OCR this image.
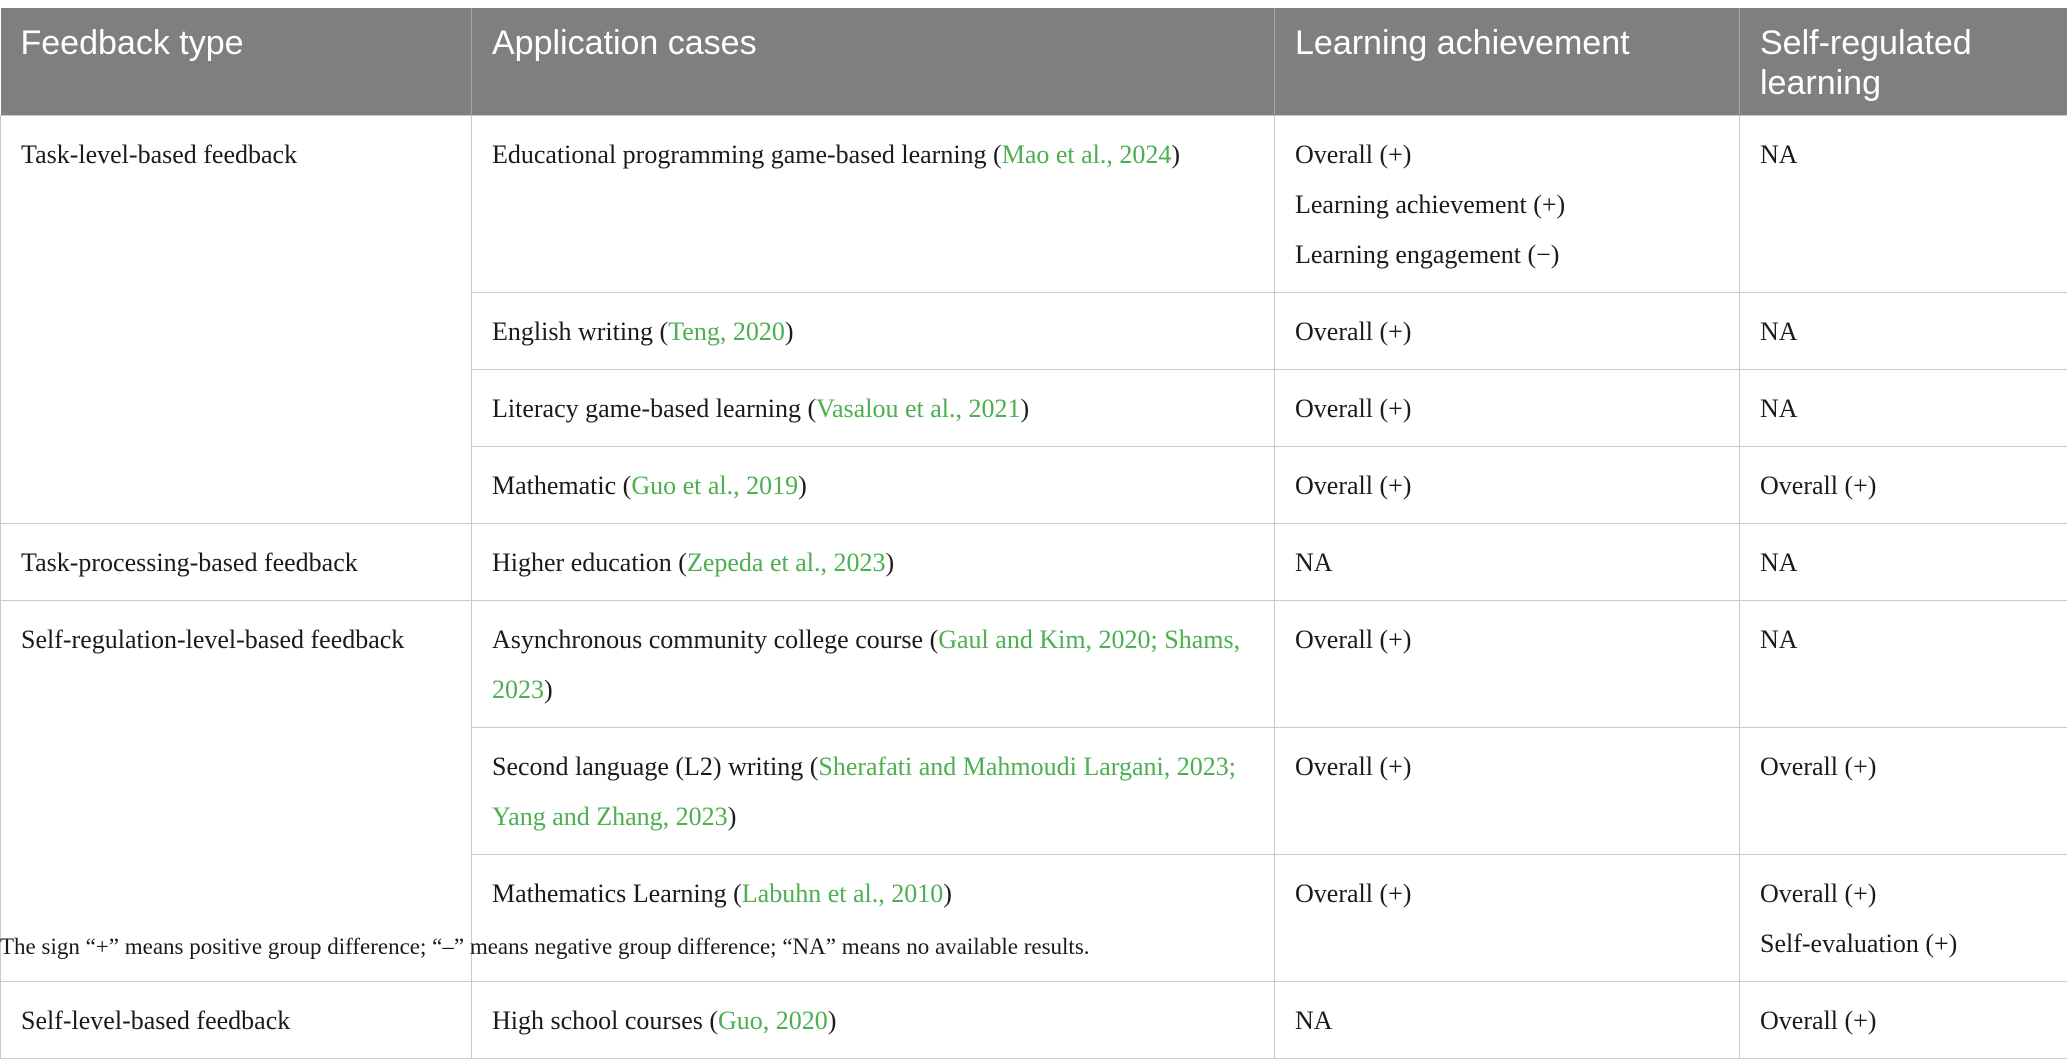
Feedback type	Application cases	Learning achievement	Self-regulated learning
Task-level-based feedback	Educational programming game-based learning (Mao et al., 2024)	Overall (+)
Learning achievement (+)
Learning engagement (−)	NA

	English writing (Teng, 2020)	Overall (+)	NA

	Literacy game-based learning (Vasalou et al., 2021)	Overall (+)	NA

	Mathematic (Guo et al., 2019)	Overall (+)	Overall (+)

Task-processing-based feedback	Higher education (Zepeda et al., 2023)	NA	NA

Self-regulation-level-based feedback	Asynchronous community college course (Gaul and Kim, 2020; Shams, 2023)	Overall (+)	NA

	Second language (L2) writing (Sherafati and Mahmoudi Largani, 2023; Yang and Zhang, 2023)	Overall (+)	Overall (+)

	Mathematics Learning (Labuhn et al., 2010)	Overall (+)	Overall (+)
Self-evaluation (+)

Self-level-based feedback	High school courses (Guo, 2020)	NA	Overall (+)
The sign “+” means positive group difference; “–” means negative group difference; “NA” means no available results.
